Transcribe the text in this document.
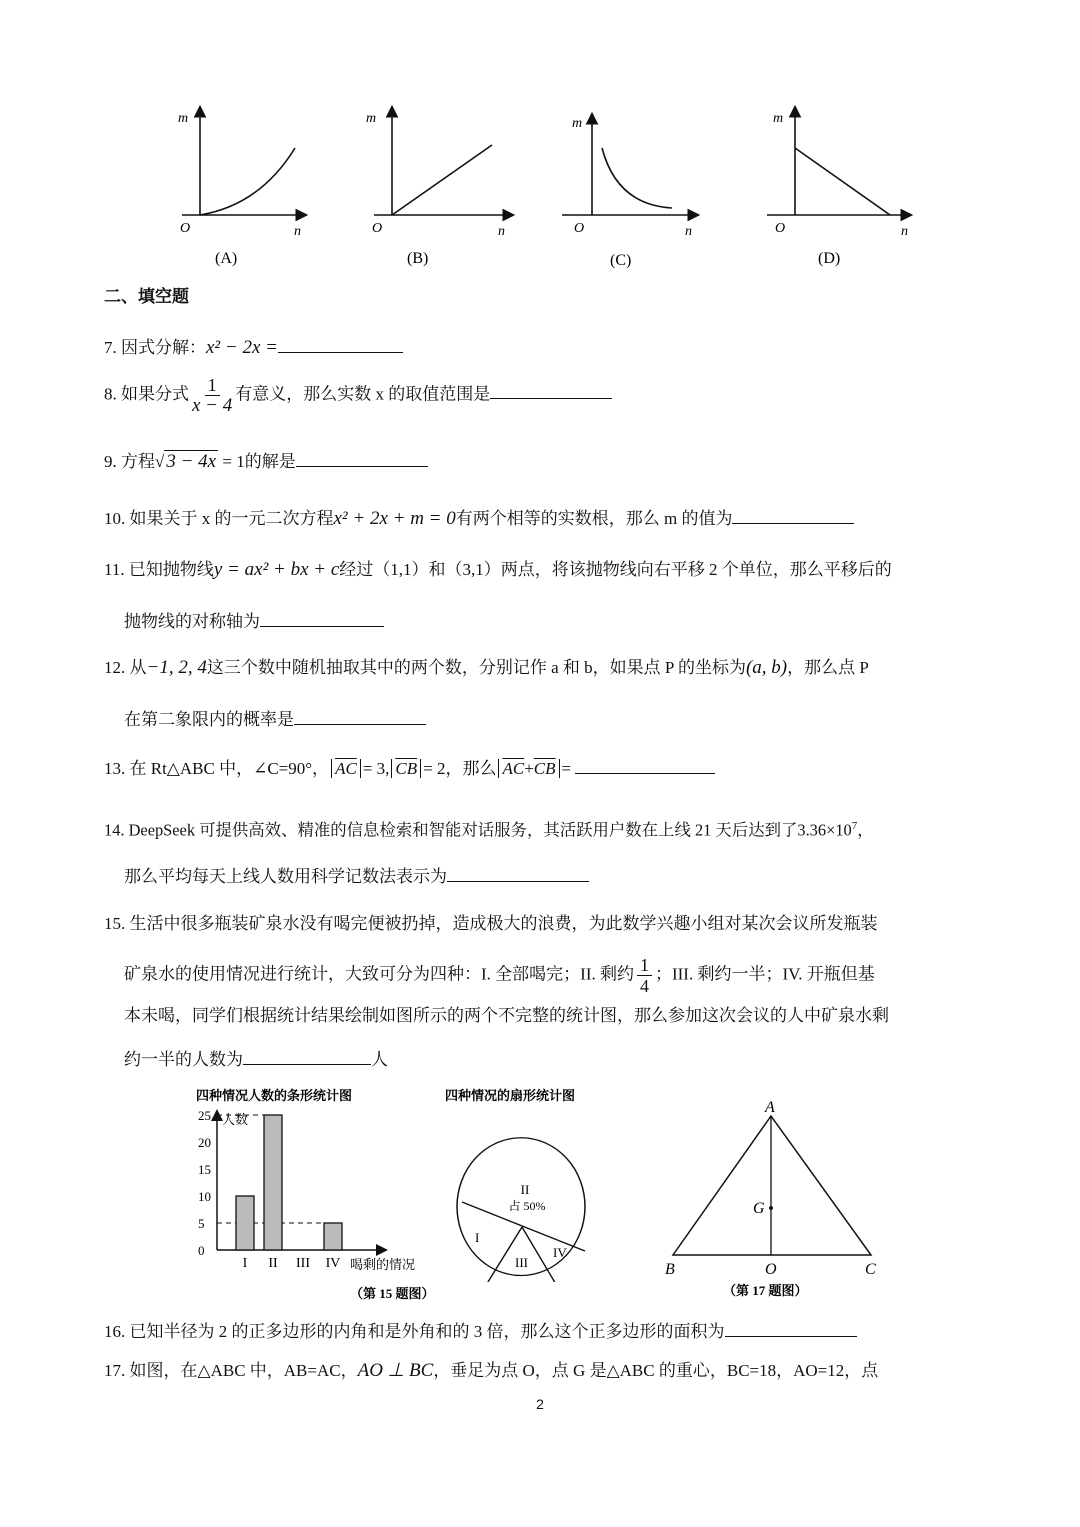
m
O	n
(A)
m
O	n
(B)
m
O	n
(C)
m
O	n
(D)
二、填空题
7. 因式分解：x² − 2x =
8. 如果分式 $\frac{1}{x - 4}$ 有意义，那么实数 x 的取值范围是
9. 方程√ 3 − 4x = 1的解是
10. 如果关于 x 的一元二次方程x² + 2x + m = 0有两个相等的实数根，那么 m 的值为
11. 已知抛物线y = ax² + bx + c经过（1,1）和（3,1）两点，将该抛物线向右平移 2 个单位，那么平移后的
抛物线的对称轴为
12. 从−1, 2, 4这三个数中随机抽取其中的两个数，分别记作 a 和 b，如果点 P 的坐标为(a, b)，那么点 P
在第二象限内的概率是
13. 在 Rt△ABC 中，∠C=90°， $\overline{AC} = 3$, $\overline{CB} = 2$，那么 $\overline{AC}+\overline{CB}$ =
14. DeepSeek 可提供高效、精准的信息检索和智能对话服务，其活跃用户数在上线 21 天后达到了$3.36\times 10^7$，
那么平均每天上线人数用科学记数法表示为
15. 生活中很多瓶装矿泉水没有喝完便被扔掉，造成极大的浪费，为此数学兴趣小组对某次会议所发瓶装
矿泉水的使用情况进行统计，大致可分为四种：I. 全部喝完；II. 剩约 $\frac{1}{4}$ ；III. 剩约一半；IV. 开瓶但基
本未喝，同学们根据统计结果绘制如图所示的两个不完整的统计图，那么参加这次会议的人中矿泉水剩
约一半的人数为	人
四种情况人数的条形统计图
人数
0
5
10
15
20
25
I II III IV 喝剩的情况
（第 15 题图）
四种情况的扇形统计图
II
占 50%
I
III
IV
A
B	C
O
G
（第 17 题图）
16. 已知半径为 2 的正多边形的内角和是外角和的 3 倍，那么这个正多边形的面积为
17. 如图，在△ABC 中，AB=AC，AO ⊥ BC，垂足为点 O，点 G 是△ABC 的重心，BC=18，AO=12，点
2
